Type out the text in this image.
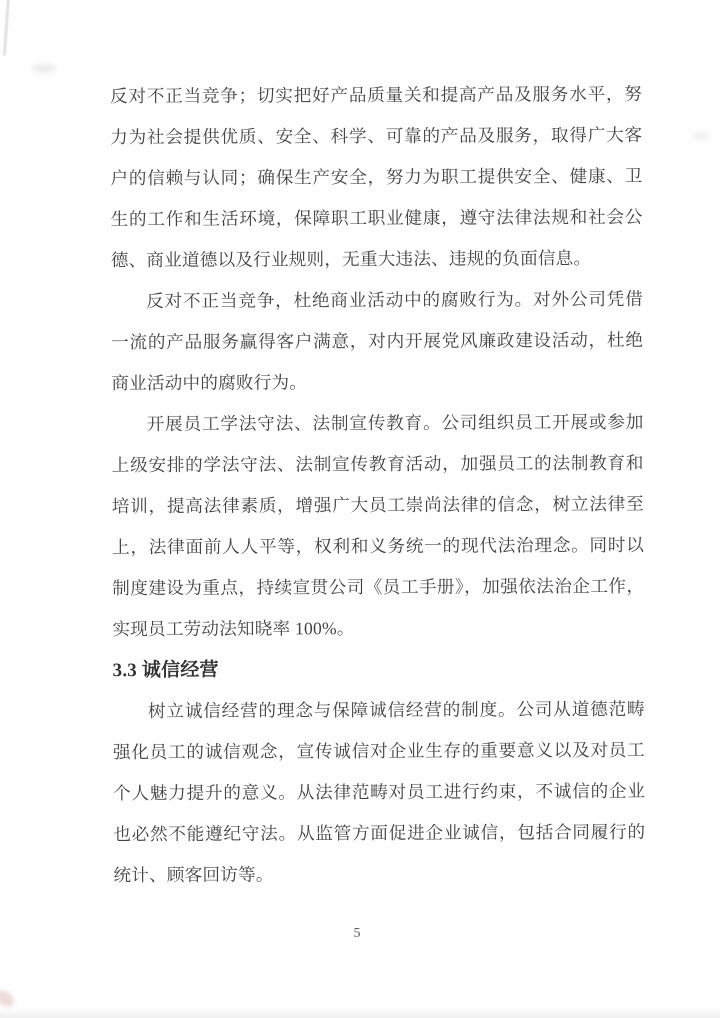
反对不正当竞争；切实把好产品质量关和提高产品及服务水平，努力为社会提供优质、安全、科学、可靠的产品及服务，取得广大客户的信赖与认同；确保生产安全，努力为职工提供安全、健康、卫生的工作和生活环境，保障职工职业健康，遵守法律法规和社会公德、商业道德以及行业规则，无重大违法、违规的负面信息。

反对不正当竞争，杜绝商业活动中的腐败行为。对外公司凭借一流的产品服务赢得客户满意，对内开展党风廉政建设活动，杜绝商业活动中的腐败行为。

开展员工学法守法、法制宣传教育。公司组织员工开展或参加上级安排的学法守法、法制宣传教育活动，加强员工的法制教育和培训，提高法律素质，增强广大员工崇尚法律的信念，树立法律至上，法律面前人人平等，权利和义务统一的现代法治理念。同时以制度建设为重点，持续宣贯公司《员工手册》，加强依法治企工作，实现员工劳动法知晓率 100%。

3.3 诚信经营

树立诚信经营的理念与保障诚信经营的制度。公司从道德范畴强化员工的诚信观念，宣传诚信对企业生存的重要意义以及对员工个人魅力提升的意义。从法律范畴对员工进行约束，不诚信的企业也必然不能遵纪守法。从监管方面促进企业诚信，包括合同履行的统计、顾客回访等。

5
